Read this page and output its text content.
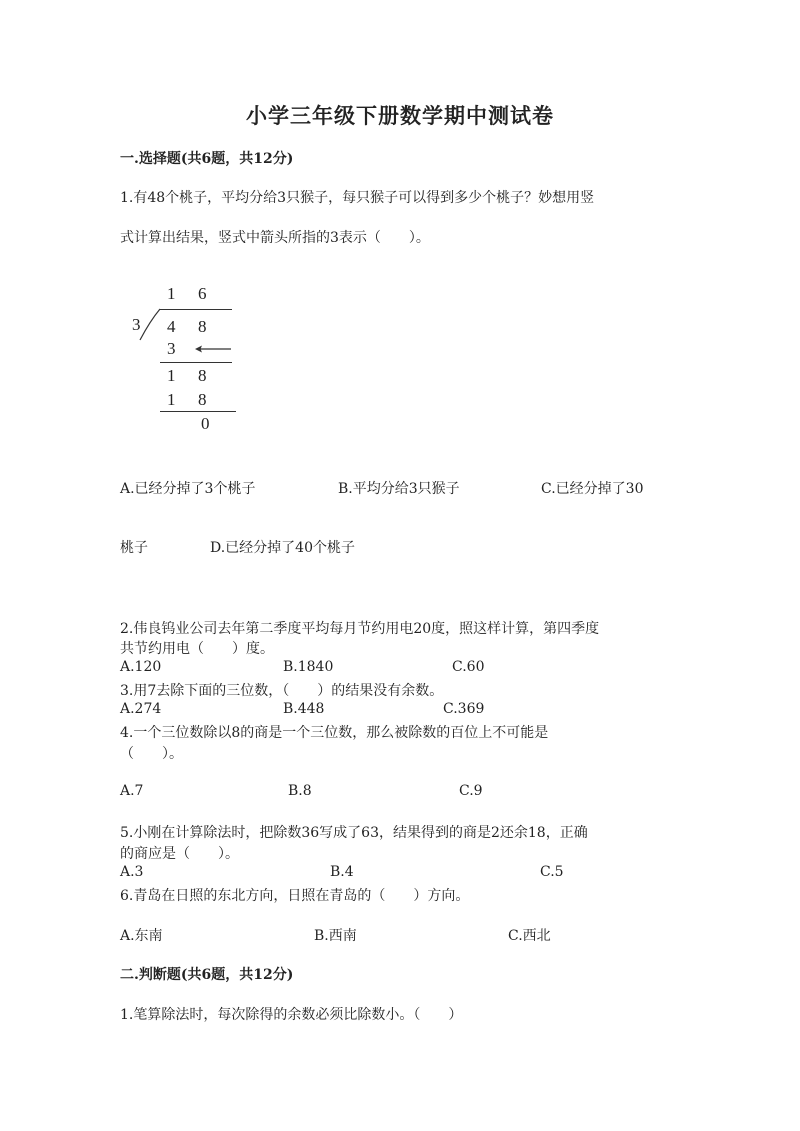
小学三年级下册数学期中测试卷
一.选择题(共6题，共12分)
1.有48个桃子，平均分给3只猴子，每只猴子可以得到多少个桃子？妙想用竖
式计算出结果，竖式中箭头所指的3表示（　　）。
1 6
3 4 8
3
1 8
1 8
0
A.已经分掉了3个桃子	B.平均分给3只猴子	C.已经分掉了30
桃子	D.已经分掉了40个桃子
2.伟良钨业公司去年第二季度平均每月节约用电20度，照这样计算，第四季度
共节约用电（　　）度。
A.120	B.1840	C.60
3.用7去除下面的三位数，（　　）的结果没有余数。
A.274	B.448	C.369
4.一个三位数除以8的商是一个三位数，那么被除数的百位上不可能是
（　　）。
A.7	B.8	C.9
5.小刚在计算除法时，把除数36写成了63，结果得到的商是2还余18，正确
的商应是（　　）。
A.3	B.4	C.5
6.青岛在日照的东北方向，日照在青岛的（　　）方向。
A.东南	B.西南	C.西北
二.判断题(共6题，共12分)
1.笔算除法时，每次除得的余数必须比除数小。（　　）
